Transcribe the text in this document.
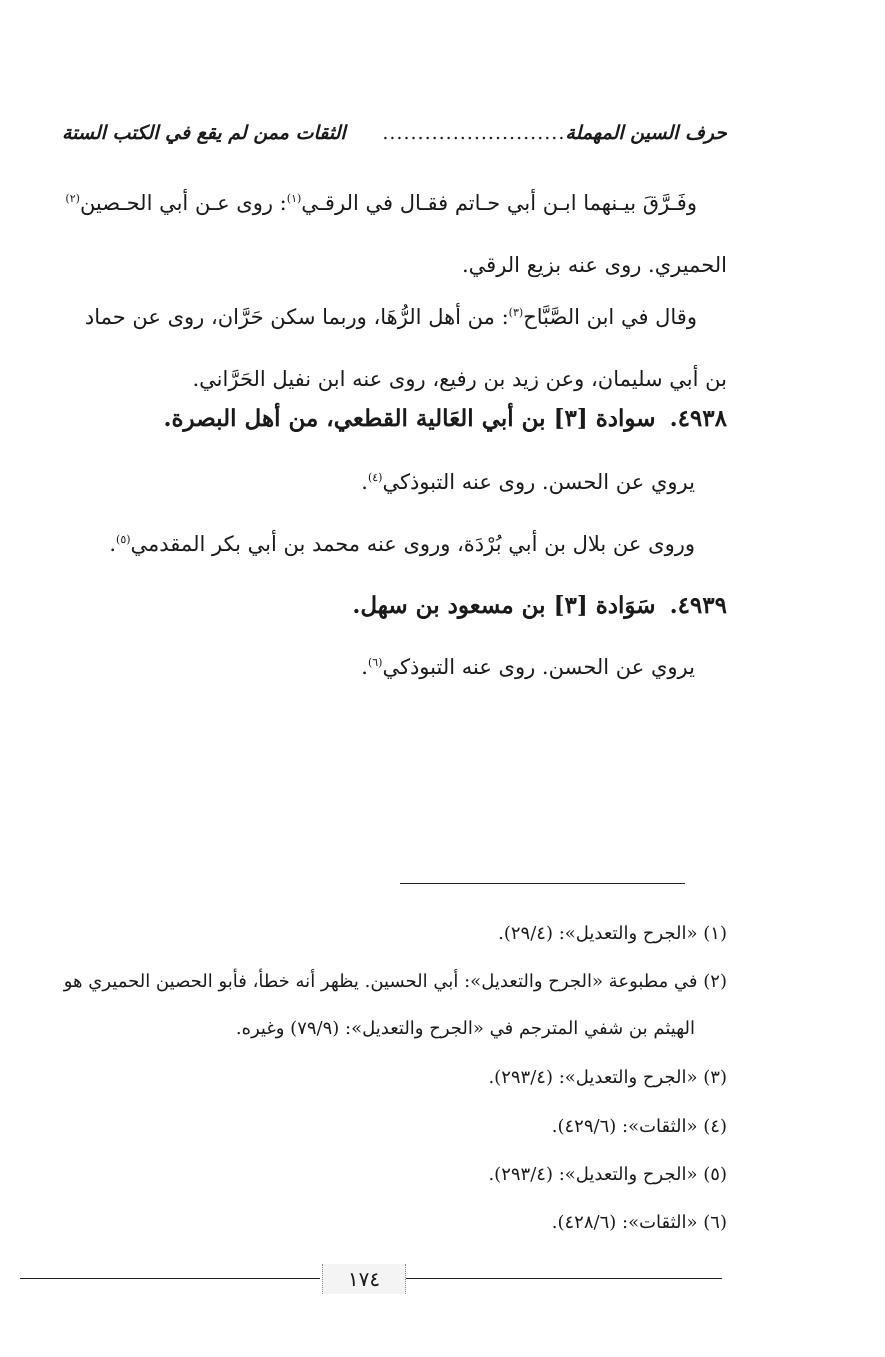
حرف السين المهملة
..........................
الثقات ممن لم يقع في الكتب الستة
وفَـرَّقَ بيـنهما ابـن أبي حـاتم فقـال في الرقـي$^{(١)}$: روى عـن أبي الحـصين$^{(٢)}$
الحميري. روى عنه بزيع الرقي.
وقال في ابن الصَّبَّاح$^{(٣)}$: من أهل الرُّهَا، وربما سكن حَرَّان، روى عن حماد
بن أبي سليمان، وعن زيد بن رفيع، روى عنه ابن نفيل الحَرَّاني.
٤٩٣٨.سوادة [٣] بن أبي العَالية القطعي، من أهل البصرة.
يروي عن الحسن. روى عنه التبوذكي$^{(٤)}$.
وروى عن بلال بن أبي بُرْدَة، وروى عنه محمد بن أبي بكر المقدمي$^{(٥)}$.
٤٩٣٩.سَوَادة [٣] بن مسعود بن سهل.
يروي عن الحسن. روى عنه التبوذكي$^{(٦)}$.
(١) «الجرح والتعديل»: (٢٩/٤).
(٢) في مطبوعة «الجرح والتعديل»: أبي الحسين. يظهر أنه خطأ، فأبو الحصين الحميري هو
الهيثم بن شفي المترجم في «الجرح والتعديل»: (٧٩/٩) وغيره.
(٣) «الجرح والتعديل»: (٢٩٣/٤).
(٤) «الثقات»: (٤٢٩/٦).
(٥) «الجرح والتعديل»: (٢٩٣/٤).
(٦) «الثقات»: (٤٢٨/٦).
١٧٤
